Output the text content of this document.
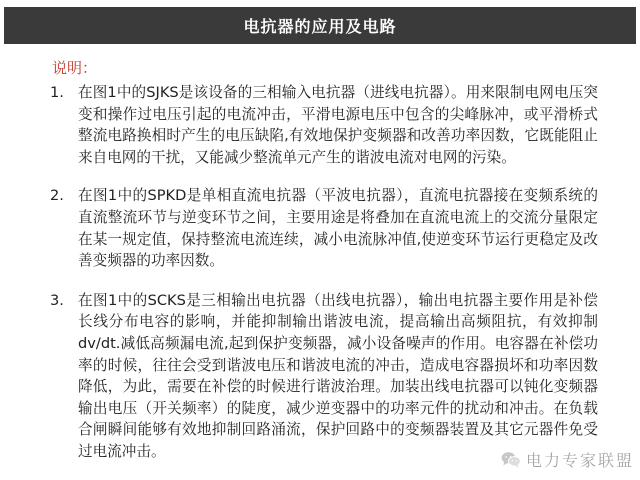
电抗器的应用及电路
说明：
1. 在图1中的SJKS是该设备的三相输入电抗器（进线电抗器）。用来限制电网电压突变和操作过电压引起的电流冲击，平滑电源电压中包含的尖峰脉冲，或平滑桥式整流电路换相时产生的电压缺陷,有效地保护变频器和改善功率因数，它既能阻止来自电网的干扰，又能减少整流单元产生的谐波电流对电网的污染。
2. 在图1中的SPKD是单相直流电抗器（平波电抗器），直流电抗器接在变频系统的直流整流环节与逆变环节之间，主要用途是将叠加在直流电流上的交流分量限定在某一规定值，保持整流电流连续，减小电流脉冲值,使逆变环节运行更稳定及改善变频器的功率因数。
3. 在图1中的SCKS是三相输出电抗器（出线电抗器），输出电抗器主要作用是补偿长线分布电容的影响，并能抑制输出谐波电流，提高输出高频阻抗，有效抑制dv/dt.减低高频漏电流,起到保护变频器，减小设备噪声的作用。电容器在补偿功率的时候，往往会受到谐波电压和谐波电流的冲击，造成电容器损坏和功率因数降低，为此，需要在补偿的时候进行谐波治理。加装出线电抗器可以钝化变频器输出电压（开关频率）的陡度，减少逆变器中的功率元件的扰动和冲击。在负载合闸瞬间能够有效地抑制回路涌流，保护回路中的变频器装置及其它元器件免受过电流冲击。	电力专家联盟
